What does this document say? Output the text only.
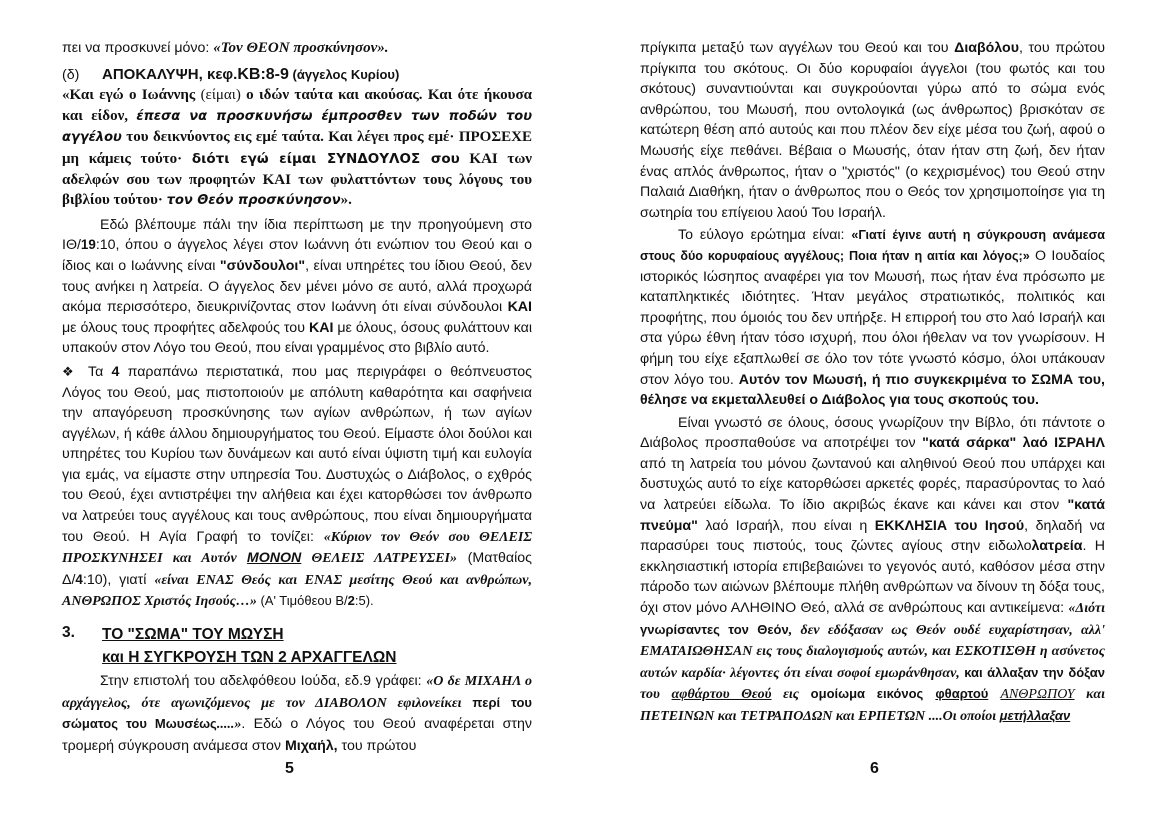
πει να προσκυνεί μόνο: «Τον ΘΕΟΝ προσκύνησον».

(δ)	ΑΠΟΚΑΛΥΨΗ, κεφ.ΚΒ:8-9 (άγγελος Κυρίου)

«Και εγώ ο Ιωάννης (είμαι) ο ιδών ταύτα και ακούσας. Και ότε ήκουσα και είδον, έπεσα να προσκυνήσω έμπροσθεν των ποδών του αγγέλου του δεικνύοντος εις εμέ ταύτα. Και λέγει προς εμέ· ΠΡΟΣΕΧΕ μη κάμεις τούτο· διότι εγώ είμαι ΣΥΝΔΟΥΛΟΣ σου ΚΑΙ των αδελφών σου των προφητών ΚΑΙ των φυλαττόντων τους λόγους του βιβλίου τούτου· τον Θεόν προσκύνησον».

Εδώ βλέπουμε πάλι την ίδια περίπτωση με την προηγούμενη στο ΙΘ/19:10, όπου ο άγγελος λέγει στον Ιωάννη ότι ενώπιον του Θεού και ο ίδιος και ο Ιωάννης είναι "σύνδουλοι", είναι υπηρέτες του ίδιου Θεού, δεν τους ανήκει η λατρεία. Ο άγγελος δεν μένει μόνο σε αυτό, αλλά προχωρά ακόμα περισσότερο, διευκρινίζοντας στον Ιωάννη ότι είναι σύνδουλοι ΚΑΙ με όλους τους προφήτες αδελφούς του ΚΑΙ με όλους, όσους φυλάττουν και υπακούν στον Λόγο του Θεού, που είναι γραμμένος στο βιβλίο αυτό.

❖ Τα 4 παραπάνω περιστατικά, που μας περιγράφει ο θεόπνευστος Λόγος του Θεού, μας πιστοποιούν με απόλυτη καθαρότητα και σαφήνεια την απαγόρευση προσκύνησης των αγίων ανθρώπων, ή των αγίων αγγέλων, ή κάθε άλλου δημιουργήματος του Θεού. Είμαστε όλοι δούλοι και υπηρέτες του Κυρίου των δυνάμεων και αυτό είναι ύψιστη τιμή και ευλογία για εμάς, να είμαστε στην υπηρεσία Του. Δυστυχώς ο Διάβολος, ο εχθρός του Θεού, έχει αντιστρέψει την αλήθεια και έχει κατορθώσει τον άνθρωπο να λατρεύει τους αγγέλους και τους ανθρώπους, που είναι δημιουργήματα του Θεού. Η Αγία Γραφή το τονίζει: «Κύριον τον Θεόν σου ΘΕΛΕΙΣ ΠΡΟΣΚΥΝΗΣΕΙ και Αυτόν ΜΟΝΟΝ ΘΕΛΕΙΣ ΛΑΤΡΕΥΣΕΙ» (Ματθαίος Δ/4:10), γιατί «είναι ΕΝΑΣ Θεός και ΕΝΑΣ μεσίτης Θεού και ανθρώπων, ΑΝΘΡΩΠΟΣ Χριστός Ιησούς…» (Α' Τιμόθεου Β/2:5).

3.	ΤΟ "ΣΩΜΑ" ΤΟΥ ΜΩΥΣΗ
και Η ΣΥΓΚΡΟΥΣΗ ΤΩΝ 2 ΑΡΧΑΓΓΕΛΩΝ

Στην επιστολή του αδελφόθεου Ιούδα, εδ.9 γράφει: «Ο δε ΜΙΧΑΗΛ ο αρχάγγελος, ότε αγωνιζόμενος με τον ΔΙΑΒΟΛΟΝ εφιλονείκει περί του σώματος του Μωυσέως.....». Εδώ ο Λόγος του Θεού αναφέρεται στην τρομερή σύγκρουση ανάμεσα στον Μιχαήλ, του πρώτου

5

πρίγκιπα μεταξύ των αγγέλων του Θεού και του Διαβόλου, του πρώτου πρίγκιπα του σκότους. Οι δύο κορυφαίοι άγγελοι (του φωτός και του σκότους) συναντιούνται και συγκρούονται γύρω από το σώμα ενός ανθρώπου, του Μωυσή, που οντολογικά (ως άνθρωπος) βρισκόταν σε κατώτερη θέση από αυτούς και που πλέον δεν είχε μέσα του ζωή, αφού ο Μωυσής είχε πεθάνει. Βέβαια ο Μωυσής, όταν ήταν στη ζωή, δεν ήταν ένας απλός άνθρωπος, ήταν ο "χριστός" (ο κεχρισμένος) του Θεού στην Παλαιά Διαθήκη, ήταν ο άνθρωπος που ο Θεός τον χρησιμοποίησε για τη σωτηρία του επίγειου λαού Του Ισραήλ.

Το εύλογο ερώτημα είναι: «Γιατί έγινε αυτή η σύγκρουση ανάμεσα στους δύο κορυφαίους αγγέλους; Ποια ήταν η αιτία και λόγος;» Ο Ιουδαίος ιστορικός Ιώσηπος αναφέρει για τον Μωυσή, πως ήταν ένα πρόσωπο με καταπληκτικές ιδιότητες. Ήταν μεγάλος στρατιωτικός, πολιτικός και προφήτης, που όμοιός του δεν υπήρξε. Η επιρροή του στο λαό Ισραήλ και στα γύρω έθνη ήταν τόσο ισχυρή, που όλοι ήθελαν να τον γνωρίσουν. Η φήμη του είχε εξαπλωθεί σε όλο τον τότε γνωστό κόσμο, όλοι υπάκουαν στον λόγο του. Αυτόν τον Μωυσή, ή πιο συγκεκριμένα το ΣΩΜΑ του, θέλησε να εκμεταλλευθεί ο Διάβολος για τους σκοπούς του.

Είναι γνωστό σε όλους, όσους γνωρίζουν την Βίβλο, ότι πάντοτε ο Διάβολος προσπαθούσε να αποτρέψει τον "κατά σάρκα" λαό ΙΣΡΑΗΛ από τη λατρεία του μόνου ζωντανού και αληθινού Θεού που υπάρχει και δυστυχώς αυτό το είχε κατορθώσει αρκετές φορές, παρασύροντας το λαό να λατρεύει είδωλα. Το ίδιο ακριβώς έκανε και κάνει και στον "κατά πνεύμα" λαό Ισραήλ, που είναι η ΕΚΚΛΗΣΙΑ του Ιησού, δηλαδή να παρασύρει τους πιστούς, τους ζώντες αγίους στην ειδωλολατρεία. Η εκκλησιαστική ιστορία επιβεβαιώνει το γεγονός αυτό, καθόσον μέσα στην πάροδο των αιώνων βλέπουμε πλήθη ανθρώπων να δίνουν τη δόξα τους, όχι στον μόνο ΑΛΗΘΙΝΟ Θεό, αλλά σε ανθρώπους και αντικείμενα: «Διότι γνωρίσαντες τον Θεόν, δεν εδόξασαν ως Θεόν ουδέ ευχαρίστησαν, αλλ' ΕΜΑΤΑΙΩΘΗΣΑΝ εις τους διαλογισμούς αυτών, και ΕΣΚΟΤΙΣΘΗ η ασύνετος αυτών καρδία· λέγοντες ότι είναι σοφοί εμωράνθησαν, και άλλαξαν την δόξαν του αφθάρτου Θεού εις ομοίωμα εικόνος φθαρτού ΑΝΘΡΩΠΟΥ και ΠΕΤΕΙΝΩΝ και ΤΕΤΡΑΠΟΔΩΝ και ΕΡΠΕΤΩΝ ....Οι οποίοι μετήλλαξαν

6
